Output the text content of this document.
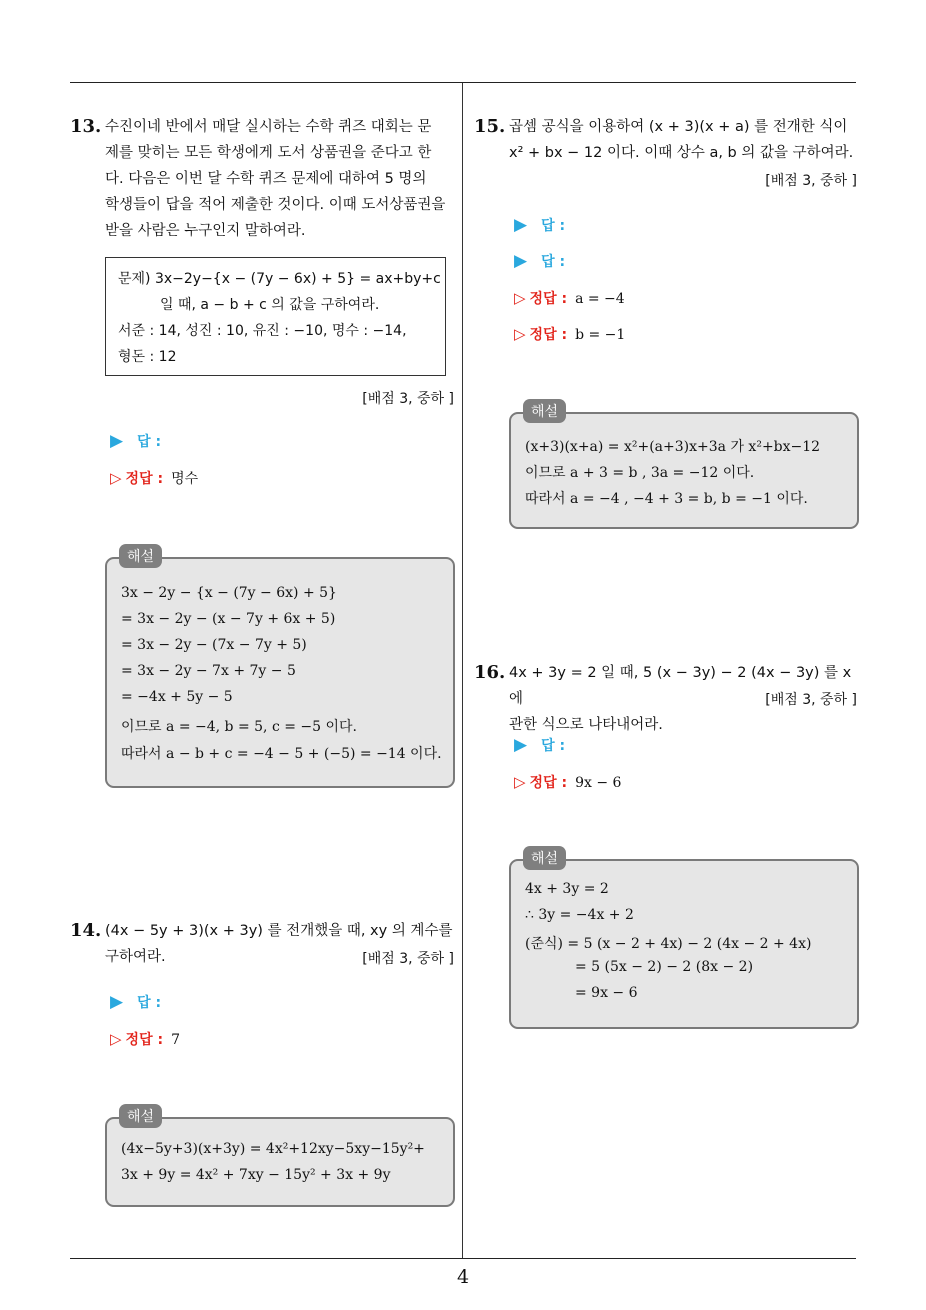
4
13. 수진이네 반에서 매달 실시하는 수학 퀴즈 대회는 문
제를 맞히는 모든 학생에게 도서 상품권을 준다고 한
다. 다음은 이번 달 수학 퀴즈 문제에 대하여 5 명의
학생들이 답을 적어 제출한 것이다. 이때 도서상품권을
받을 사람은 누구인지 말하여라.
문제) 3x−2y−{x − (7y − 6x) + 5} = ax+by+c
일 때, a − b + c 의 값을 구하여라.
서준 : 14, 성진 : 10, 유진 : −10, 명수 : −14,
형돈 : 12
[배점 3, 중하 ]
▶ 답 :
▷ 정답 : 명수
해설
3x − 2y − {x − (7y − 6x) + 5}
= 3x − 2y − (x − 7y + 6x + 5)
= 3x − 2y − (7x − 7y + 5)
= 3x − 2y − 7x + 7y − 5
= −4x + 5y − 5
이므로 a = −4, b = 5, c = −5 이다.
따라서 a − b + c = −4 − 5 + (−5) = −14 이다.
14. (4x − 5y + 3)(x + 3y) 를 전개했을 때, xy 의 계수를
구하여라.	[배점 3, 중하 ]
▶ 답 :
▷ 정답 : 7
해설
(4x−5y+3)(x+3y) = 4x²+12xy−5xy−15y²+
3x + 9y = 4x² + 7xy − 15y² + 3x + 9y
15. 곱셈 공식을 이용하여 (x + 3)(x + a) 를 전개한 식이
x² + bx − 12 이다. 이때 상수 a, b 의 값을 구하여라.
[배점 3, 중하 ]
▶ 답 :
▶ 답 :
▷ 정답 : a = −4
▷ 정답 : b = −1
해설
(x+3)(x+a) = x²+(a+3)x+3a 가 x²+bx−12
이므로 a + 3 = b , 3a = −12 이다.
따라서 a = −4 , −4 + 3 = b, b = −1 이다.
16. 4x + 3y = 2 일 때, 5 (x − 3y) − 2 (4x − 3y) 를 x 에
관한 식으로 나타내어라.
[배점 3, 중하 ]
▶ 답 :
▷ 정답 : 9x − 6
해설
4x + 3y = 2
∴ 3y = −4x + 2
(준식) = 5 (x − 2 + 4x) − 2 (4x − 2 + 4x)
= 5 (5x − 2) − 2 (8x − 2)
= 9x − 6
